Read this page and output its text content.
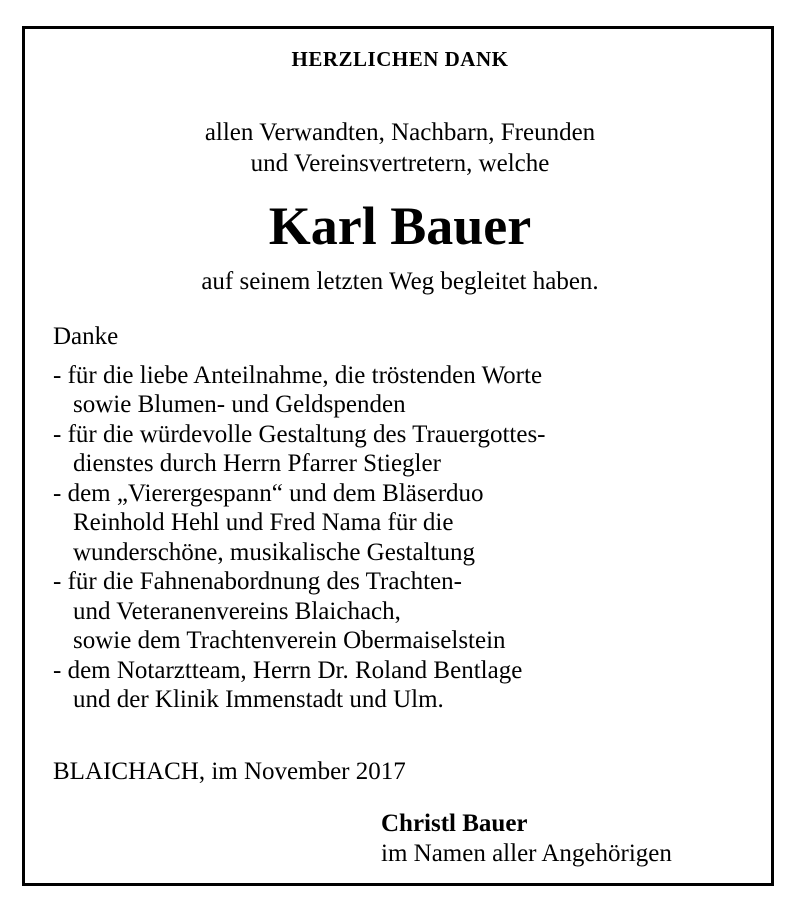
HERZLICHEN DANK
allen Verwandten, Nachbarn, Freunden
und Vereinsvertretern, welche
Karl Bauer
auf seinem letzten Weg begleitet haben.
Danke
- für die liebe Anteilnahme, die tröstenden Worte
sowie Blumen- und Geldspenden
- für die würdevolle Gestaltung des Trauergottes-
dienstes durch Herrn Pfarrer Stiegler
- dem „Vierergespann“ und dem Bläserduo
Reinhold Hehl und Fred Nama für die
wunderschöne, musikalische Gestaltung
- für die Fahnenabordnung des Trachten-
und Veteranenvereins Blaichach,
sowie dem Trachtenverein Obermaiselstein
- dem Notarztteam, Herrn Dr. Roland Bentlage
und der Klinik Immenstadt und Ulm.
BLAICHACH, im November 2017
Christl Bauer
im Namen aller Angehörigen
